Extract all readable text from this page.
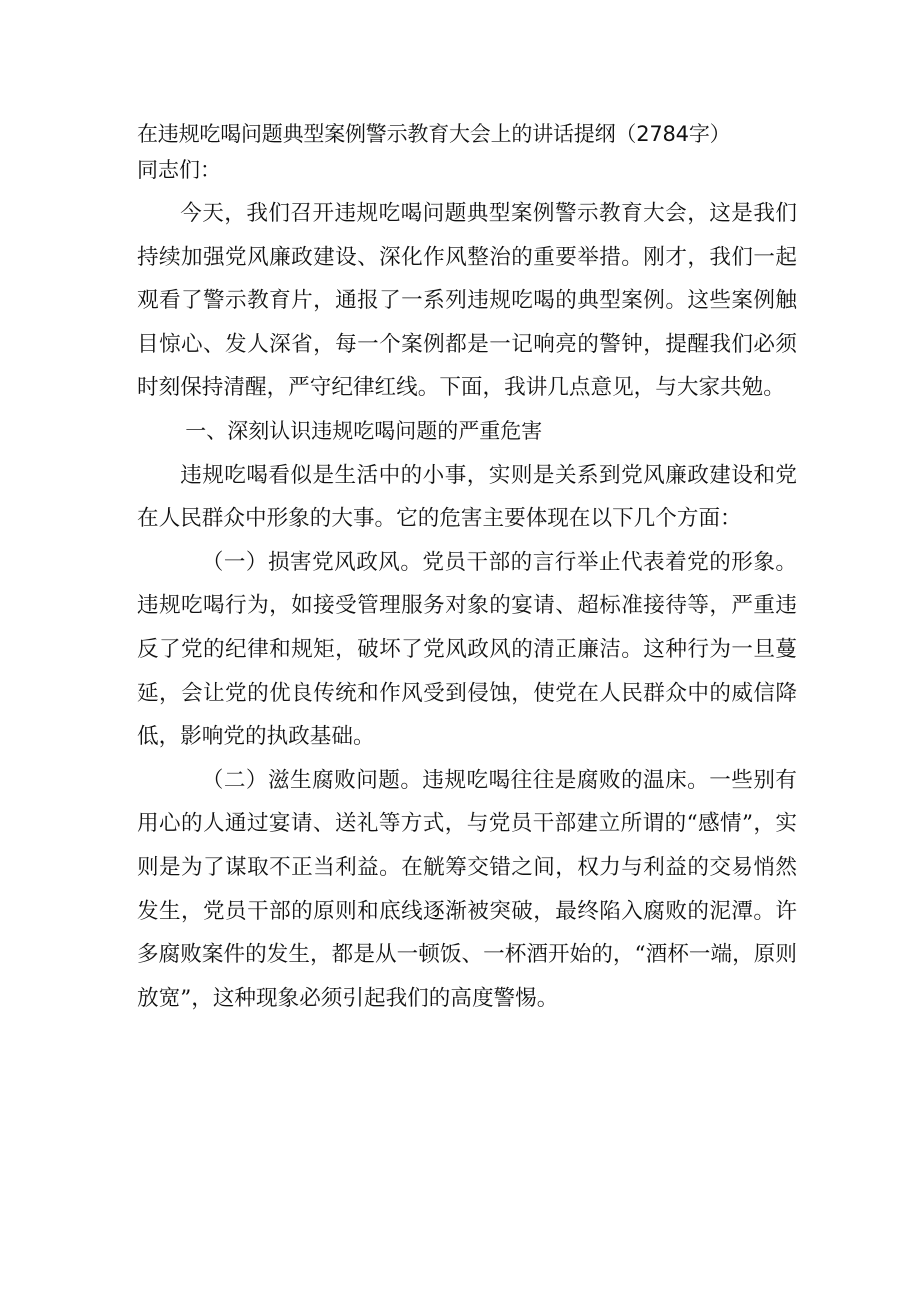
在违规吃喝问题典型案例警示教育大会上的讲话提纲（2784字）

同志们：

今天，我们召开违规吃喝问题典型案例警示教育大会，这是我们持续加强党风廉政建设、深化作风整治的重要举措。刚才，我们一起观看了警示教育片，通报了一系列违规吃喝的典型案例。这些案例触目惊心、发人深省，每一个案例都是一记响亮的警钟，提醒我们必须时刻保持清醒，严守纪律红线。下面，我讲几点意见，与大家共勉。

一、深刻认识违规吃喝问题的严重危害

违规吃喝看似是生活中的小事，实则是关系到党风廉政建设和党在人民群众中形象的大事。它的危害主要体现在以下几个方面：

（一）损害党风政风。党员干部的言行举止代表着党的形象。违规吃喝行为，如接受管理服务对象的宴请、超标准接待等，严重违反了党的纪律和规矩，破坏了党风政风的清正廉洁。这种行为一旦蔓延，会让党的优良传统和作风受到侵蚀，使党在人民群众中的威信降低，影响党的执政基础。

（二）滋生腐败问题。违规吃喝往往是腐败的温床。一些别有用心的人通过宴请、送礼等方式，与党员干部建立所谓的“感情”，实则是为了谋取不正当利益。在觥筹交错之间，权力与利益的交易悄然发生，党员干部的原则和底线逐渐被突破，最终陷入腐败的泥潭。许多腐败案件的发生，都是从一顿饭、一杯酒开始的，“酒杯一端，原则放宽”，这种现象必须引起我们的高度警惕。
